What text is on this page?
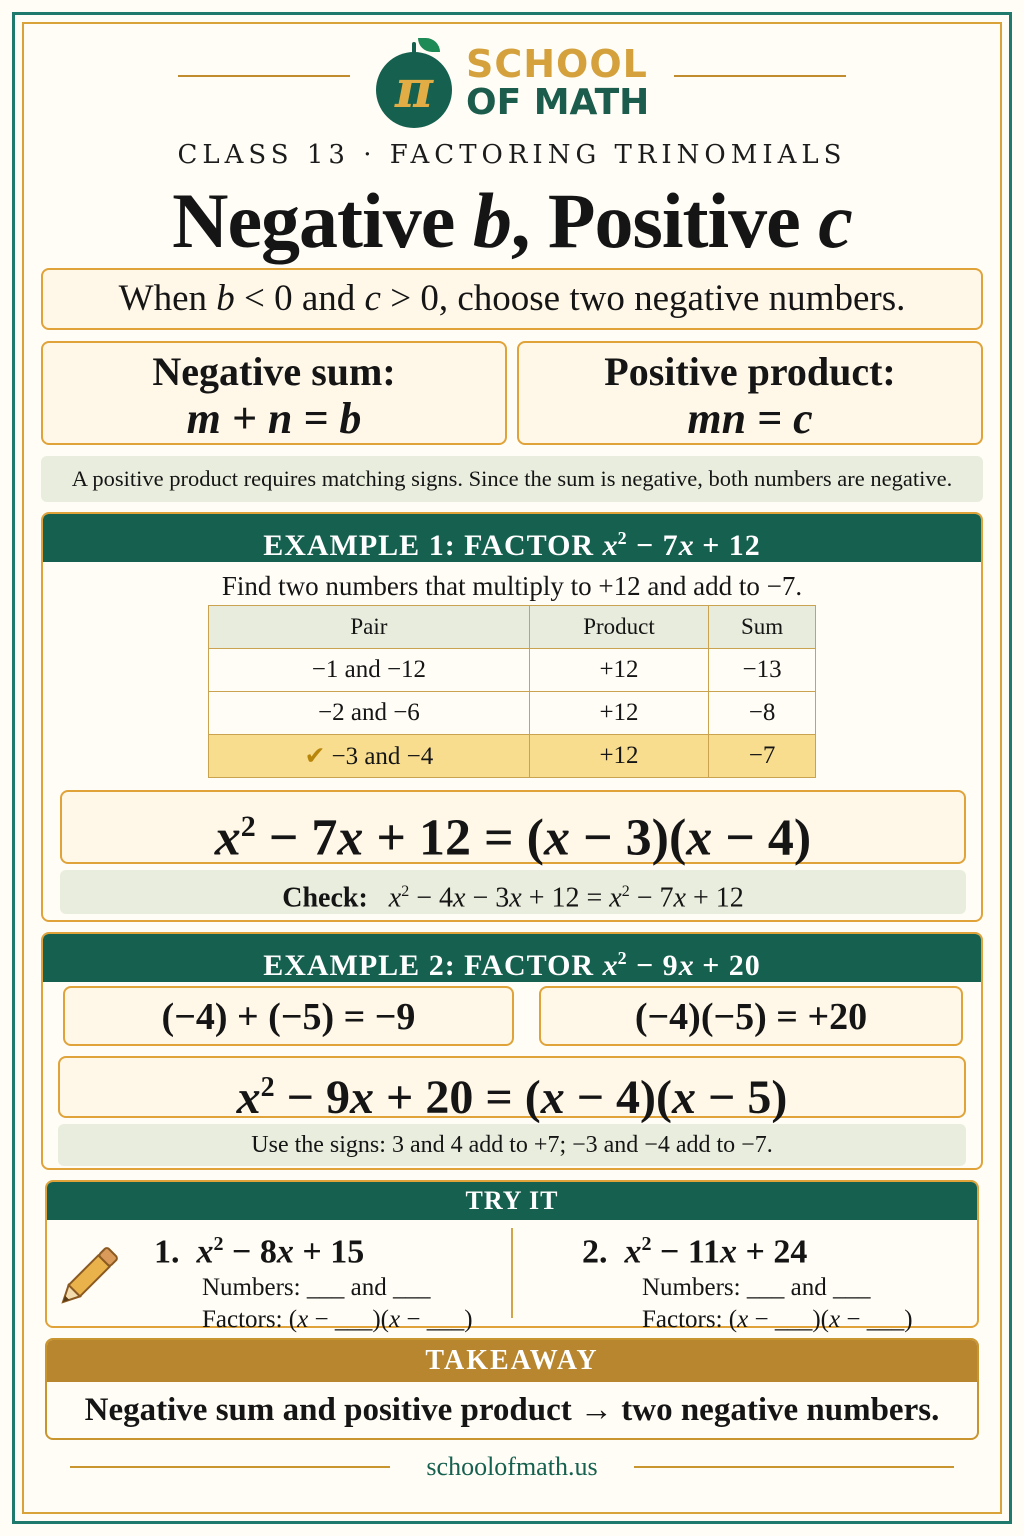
π SCHOOL
OF MATH
CLASS 13 · FACTORING TRINOMIALS
Negative b, Positive c
When b < 0 and c > 0, choose two negative numbers.
Negative sum:
m + n = b
Positive product:
mn = c
A positive product requires matching signs. Since the sum is negative, both numbers are negative.
EXAMPLE 1: FACTOR $x^2 - 7x + 12$
Find two numbers that multiply to +12 and add to −7.
Pair	Product	Sum
−1 and −12	+12	−13
−2 and −6	+12	−8
✔ −3 and −4	+12	−7
$x^2 - 7x + 12 = (x - 3)(x - 4)$
Check: $x^2 - 4x - 3x + 12 = x^2 - 7x + 12$
EXAMPLE 2: FACTOR $x^2 - 9x + 20$
(−4) + (−5) = −9	(−4)(−5) = +20
$x^2 - 9x + 20 = (x - 4)(x - 5)$
Use the signs: 3 and 4 add to +7; −3 and −4 add to −7.
TRY IT
1. $x^2 - 8x + 15$
Numbers: ___ and ___
Factors: (x − ___)(x − ___)
2. $x^2 - 11x + 24$
Numbers: ___ and ___
Factors: (x − ___)(x − ___)
TAKEAWAY
Negative sum and positive product → two negative numbers.
schoolofmath.us
